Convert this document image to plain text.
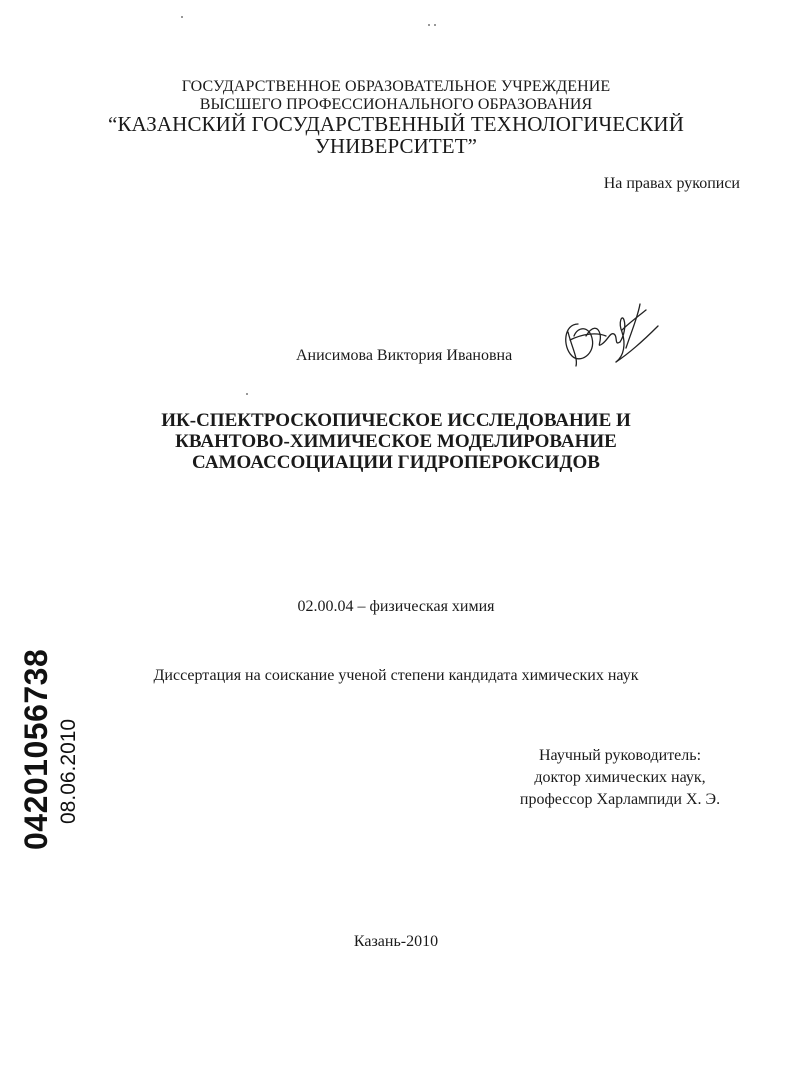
ГОСУДАРСТВЕННОЕ ОБРАЗОВАТЕЛЬНОЕ УЧРЕЖДЕНИЕ
ВЫСШЕГО ПРОФЕССИОНАЛЬНОГО ОБРАЗОВАНИЯ
“КАЗАНСКИЙ ГОСУДАРСТВЕННЫЙ ТЕХНОЛОГИЧЕСКИЙ
УНИВЕРСИТЕТ”
На правах рукописи
Анисимова Виктория Ивановна
ИК-СПЕКТРОСКОПИЧЕСКОЕ ИССЛЕДОВАНИЕ И
КВАНТОВО-ХИМИЧЕСКОЕ МОДЕЛИРОВАНИЕ
САМОАССОЦИАЦИИ ГИДРОПЕРОКСИДОВ
02.00.04 – физическая химия
Диссертация на соискание ученой степени кандидата химических наук
Научный руководитель:
доктор химических наук,
профессор Харлампиди Х. Э.
Казань-2010
04201056738 08.06.2010
